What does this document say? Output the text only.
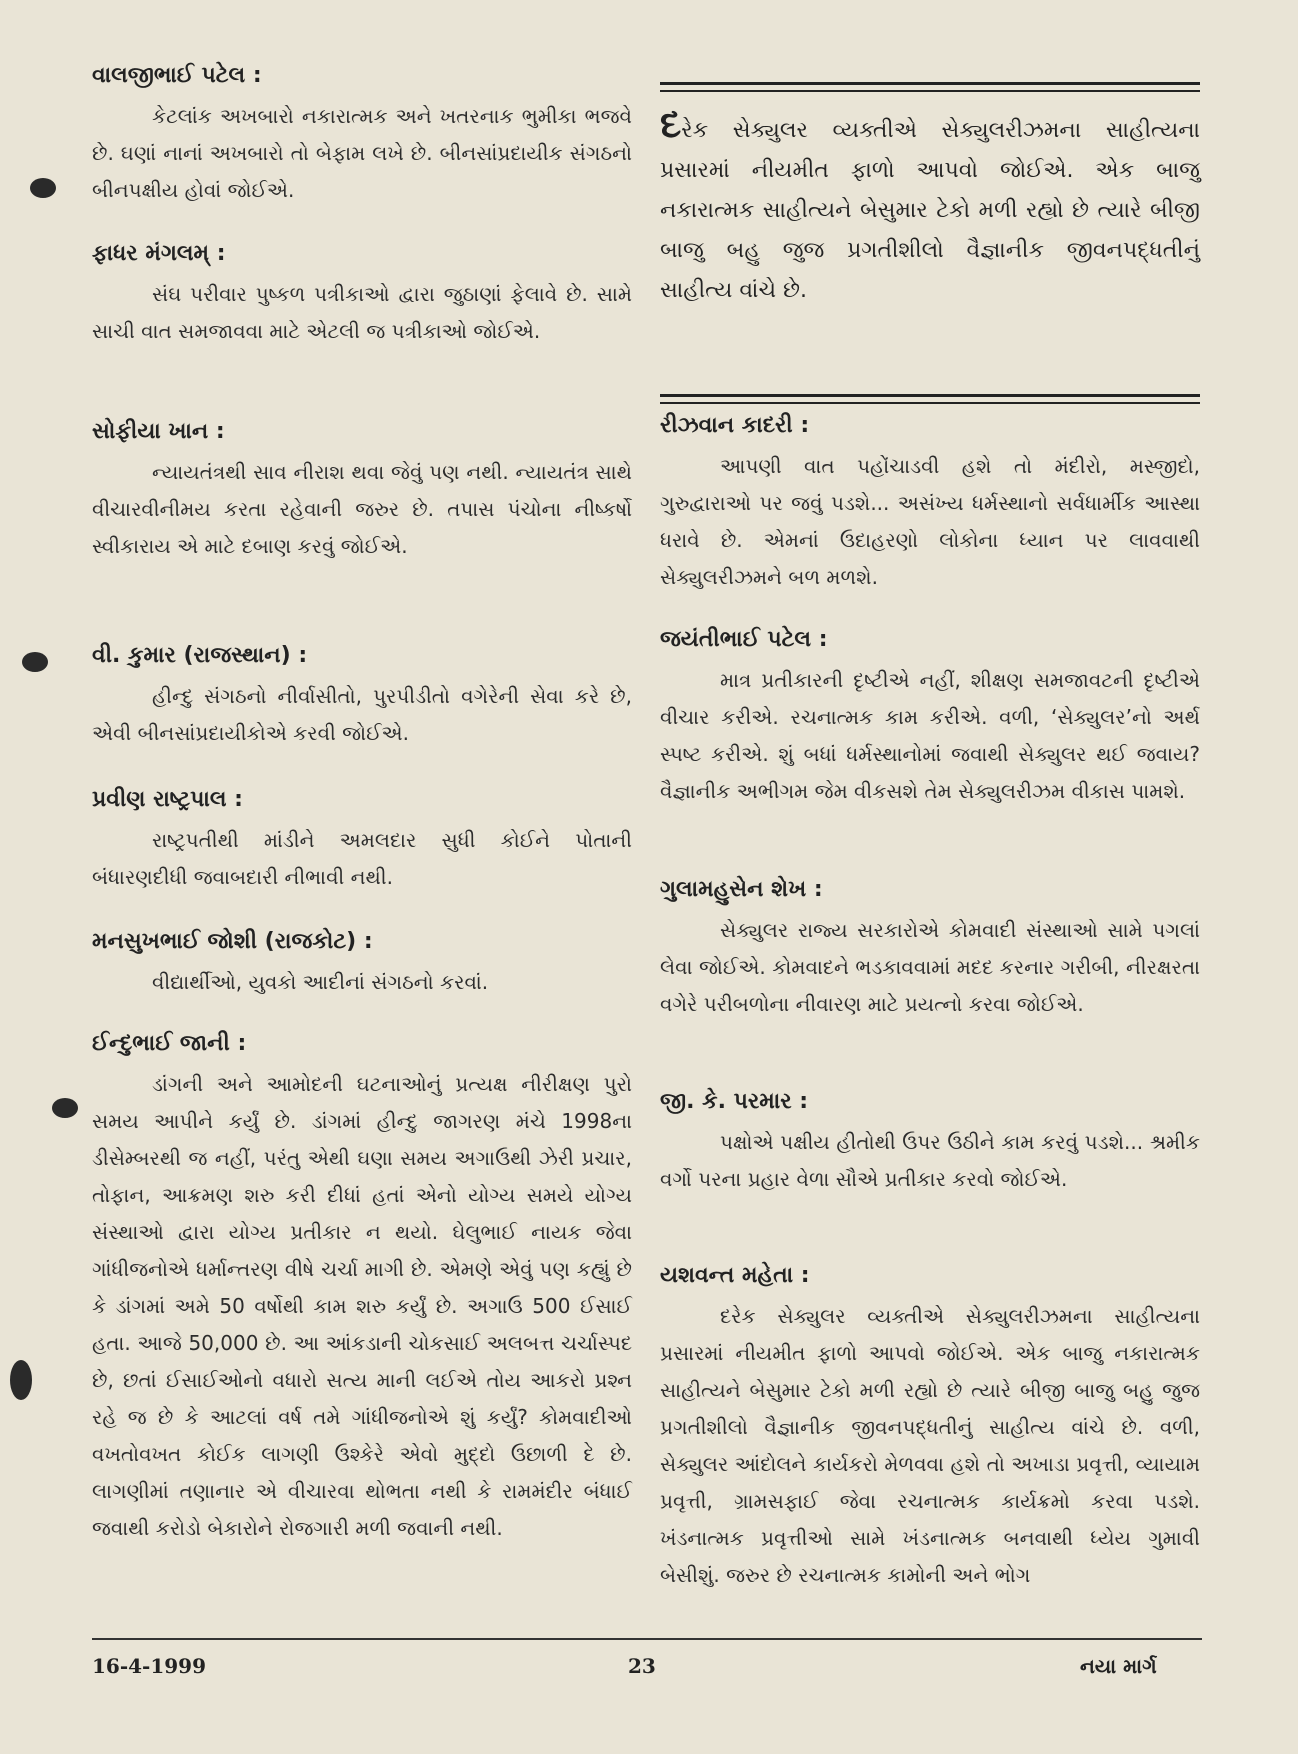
વાલજીભાઈ પટેલ :
કેટલાંક અખબારો નકારાત્મક અને ખતરનાક ભુમીકા ભજવે છે. ઘણાં નાનાં અખબારો તો બેફામ લખે છે. બીનસાંપ્રદાયીક સંગઠનો બીનપક્ષીય હોવાં જોઈએ.
ફાધર મંગલમ્ :
સંઘ પરીવાર પુષ્કળ પત્રીકાઓ દ્વારા જુઠાણાં ફેલાવે છે. સામે સાચી વાત સમજાવવા માટે એટલી જ પત્રીકાઓ જોઈએ.
સોફીયા ખાન :
ન્યાયતંત્રથી સાવ નીરાશ થવા જેવું પણ નથી. ન્યાયતંત્ર સાથે વીચારવીનીમય કરતા રહેવાની જરુર છે. તપાસ પંચોના નીષ્કર્ષો સ્વીકારાય એ માટે દબાણ કરવું જોઈએ.
વી. કુમાર (રાજસ્થાન) :
હીન્દુ સંગઠનો નીર્વાસીતો, પુરપીડીતો વગેરેની સેવા કરે છે, એવી બીનસાંપ્રદાયીકોએ કરવી જોઈએ.
પ્રવીણ રાષ્ટ્રપાલ :
રાષ્ટ્રપતીથી માંડીને અમલદાર સુધી કોઈને પોતાની બંધારણદીધી જવાબદારી નીભાવી નથી.
મનસુખભાઈ જોશી (રાજકોટ) :
વીદ્યાર્થીઓ, યુવકો આદીનાં સંગઠનો કરવાં.
ઈન્દુભાઈ જાની :
ડાંગની અને આમોદની ઘટનાઓનું પ્રત્યક્ષ નીરીક્ષણ પુરો સમય આપીને કર્યું છે. ડાંગમાં હીન્દુ જાગરણ મંચે 1998ના ડીસેમ્બરથી જ નહીં, પરંતુ એથી ઘણા સમય અગાઉથી ઝેરી પ્રચાર, તોફાન, આક્રમણ શરુ કરી દીધાં હતાં એનો યોગ્ય સમયે યોગ્ય સંસ્થાઓ દ્વારા યોગ્ય પ્રતીકાર ન થયો. ઘેલુભાઈ નાયક જેવા ગાંધીજનોએ ધર્માન્તરણ વીષે ચર્ચા માગી છે. એમણે એવું પણ કહ્યું છે કે ડાંગમાં અમે 50 વર્ષોથી કામ શરુ કર્યું છે. અગાઉ 500 ઈસાઈ હતા. આજે 50,000 છે. આ આંકડાની ચોકસાઈ અલબત્ત ચર્ચાસ્પદ છે, છતાં ઈસાઈઓનો વધારો સત્ય માની લઈએ તોય આકરો પ્રશ્ન રહે જ છે કે આટલાં વર્ષ તમે ગાંધીજનોએ શું કર્યું? કોમવાદીઓ વખતોવખત કોઈક લાગણી ઉશ્કેરે એવો મુદ્દો ઉછાળી દે છે. લાગણીમાં તણાનાર એ વીચારવા થોભતા નથી કે રામમંદીર બંધાઈ જવાથી કરોડો બેકારોને રોજગારી મળી જવાની નથી.
દરેક સેક્યુલર વ્યક્તીએ સેક્યુલરીઝમના સાહીત્યના પ્રસારમાં નીયમીત ફાળો આપવો જોઈએ. એક બાજુ નકારાત્મક સાહીત્યને બેસુમાર ટેકો મળી રહ્યો છે ત્યારે બીજી બાજુ બહુ જુજ પ્રગતીશીલો વૈજ્ઞાનીક જીવનપદ્ધતીનું સાહીત્ય વાંચે છે.
રીઝવાન કાદરી :
આપણી વાત પહોંચાડવી હશે તો મંદીરો, મસ્જીદો, ગુરુદ્વારાઓ પર જવું પડશે... અસંખ્ય ધર્મસ્થાનો સર્વધાર્મીક આસ્થા ધરાવે છે. એમનાં ઉદાહરણો લોકોના ધ્યાન પર લાવવાથી સેક્યુલરીઝમને બળ મળશે.
જયંતીભાઈ પટેલ :
માત્ર પ્રતીકારની દૃષ્ટીએ નહીં, શીક્ષણ સમજાવટની દૃષ્ટીએ વીચાર કરીએ. રચનાત્મક કામ કરીએ. વળી, ‘સેક્યુલર’નો અર્થ સ્પષ્ટ કરીએ. શું બધાં ધર્મસ્થાનોમાં જવાથી સેક્યુલર થઈ જવાય? વૈજ્ઞાનીક અભીગમ જેમ વીકસશે તેમ સેક્યુલરીઝમ વીકાસ પામશે.
ગુલામહુસેન શેખ :
સેક્યુલર રાજ્ય સરકારોએ કોમવાદી સંસ્થાઓ સામે પગલાં લેવા જોઈએ. કોમવાદને ભડકાવવામાં મદદ કરનાર ગરીબી, નીરક્ષરતા વગેરે પરીબળોના નીવારણ માટે પ્રયત્નો કરવા જોઈએ.
જી. કે. પરમાર :
પક્ષોએ પક્ષીય હીતોથી ઉપર ઉઠીને કામ કરવું પડશે... શ્રમીક વર્ગો પરના પ્રહાર વેળા સૌએ પ્રતીકાર કરવો જોઈએ.
યશવન્ત મહેતા :
દરેક સેક્યુલર વ્યક્તીએ સેક્યુલરીઝમના સાહીત્યના પ્રસારમાં નીયમીત ફાળો આપવો જોઈએ. એક બાજુ નકારાત્મક સાહીત્યને બેસુમાર ટેકો મળી રહ્યો છે ત્યારે બીજી બાજુ બહુ જુજ પ્રગતીશીલો વૈજ્ઞાનીક જીવનપદ્ધતીનું સાહીત્ય વાંચે છે. વળી, સેક્યુલર આંદોલને કાર્યકરો મેળવવા હશે તો અખાડા પ્રવૃત્તી, વ્યાયામ પ્રવૃત્તી, ગ્રામસફાઈ જેવા રચનાત્મક કાર્યક્રમો કરવા પડશે. ખંડનાત્મક પ્રવૃત્તીઓ સામે ખંડનાત્મક બનવાથી ધ્યેય ગુમાવી બેસીશું. જરુર છે રચનાત્મક કામોની અને ભોગ
16-4-1999	23	નયા માર્ગ
